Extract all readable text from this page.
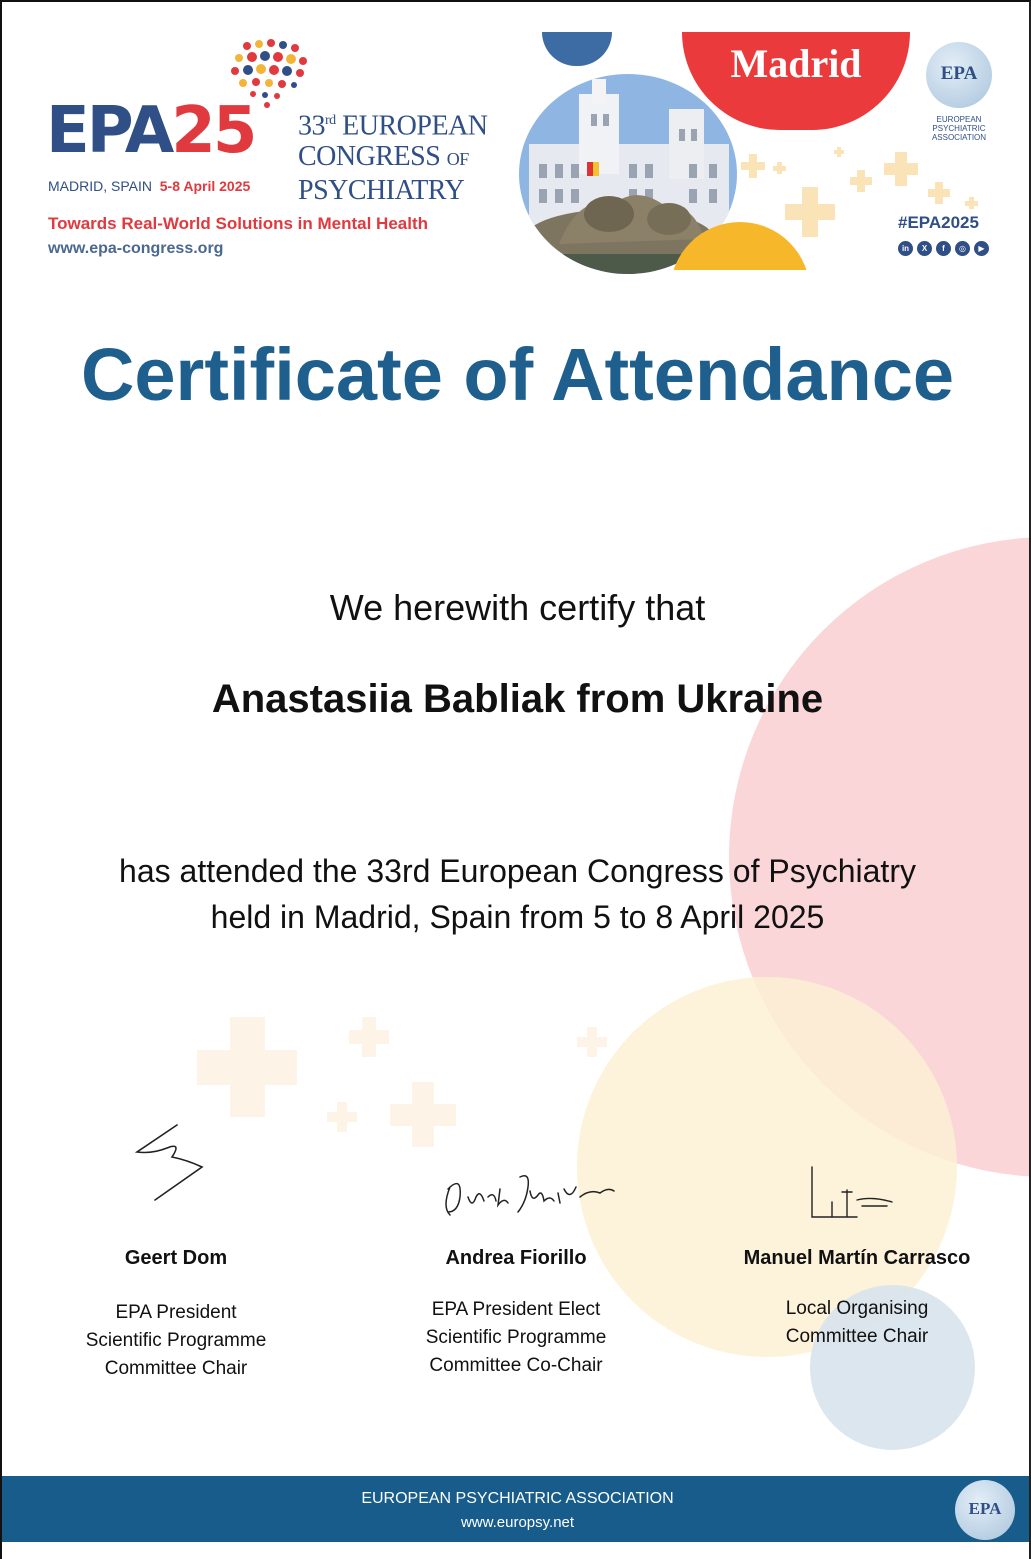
EPA25
MADRID, SPAIN 5-8 April 2025
33rd EUROPEAN
CONGRESS OF
PSYCHIATRY
Towards Real-World Solutions in Mental Health
www.epa-congress.org
Madrid	EPA
EUROPEAN
PSYCHIATRIC
ASSOCIATION
#EPA2025
in	X	f	◎	▶
Certificate of Attendance
We herewith certify that
Anastasiia Babliak from Ukraine
has attended the 33rd European Congress of Psychiatry
held in Madrid, Spain from 5 to 8 April 2025
Geert Dom
EPA President
Scientific Programme
Committee Chair
Andrea Fiorillo
EPA President Elect
Scientific Programme
Committee Co-Chair
Manuel Martín Carrasco
Local Organising
Committee Chair
EUROPEAN PSYCHIATRIC ASSOCIATION
www.europsy.net
EPA
